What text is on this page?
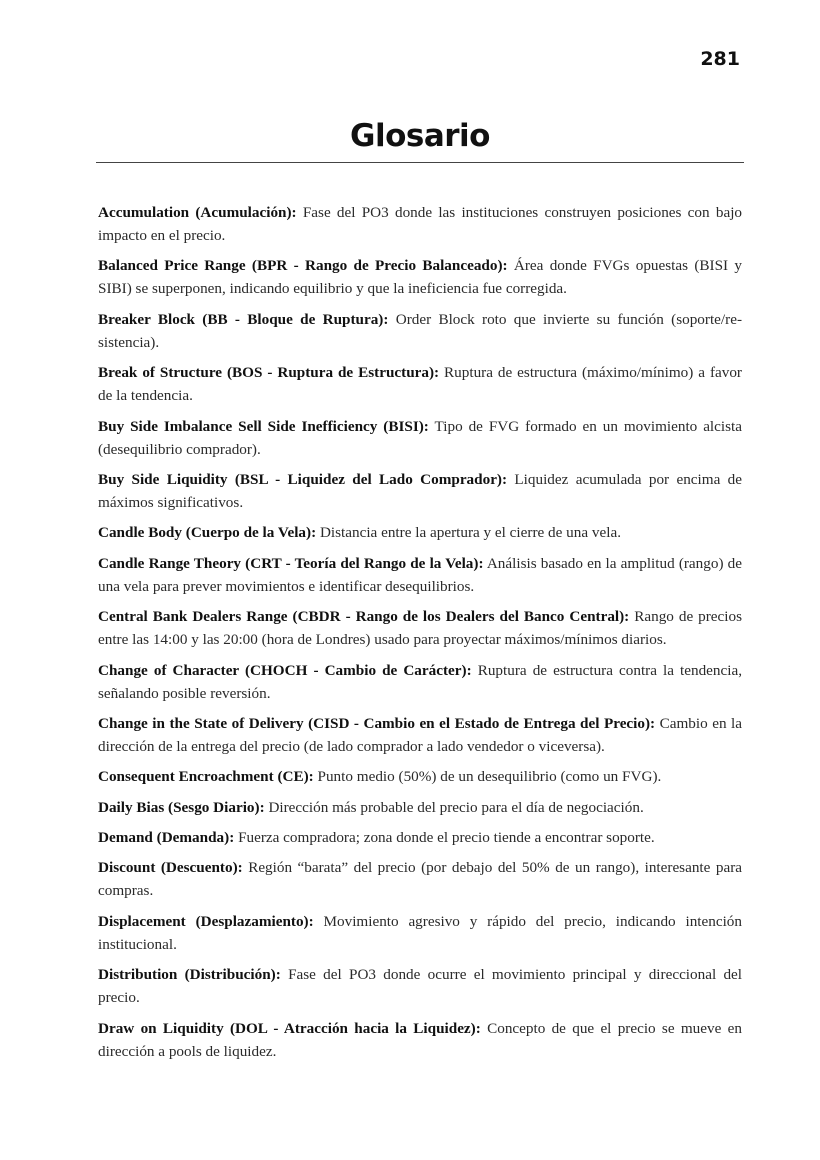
281
Glosario
Accumulation (Acumulación): Fase del PO3 donde las instituciones construyen posiciones con bajo impacto en el precio.
Balanced Price Range (BPR - Rango de Precio Balanceado): Área donde FVGs opuestas (BISI y SIBI) se superponen, indicando equilibrio y que la ineficiencia fue corregida.
Breaker Block (BB - Bloque de Ruptura): Order Block roto que invierte su función (soporte/resistencia).
Break of Structure (BOS - Ruptura de Estructura): Ruptura de estructura (máximo/mínimo) a favor de la tendencia.
Buy Side Imbalance Sell Side Inefficiency (BISI): Tipo de FVG formado en un movimiento alcista (desequilibrio comprador).
Buy Side Liquidity (BSL - Liquidez del Lado Comprador): Liquidez acumulada por encima de máximos significativos.
Candle Body (Cuerpo de la Vela): Distancia entre la apertura y el cierre de una vela.
Candle Range Theory (CRT - Teoría del Rango de la Vela): Análisis basado en la amplitud (rango) de una vela para prever movimientos e identificar desequilibrios.
Central Bank Dealers Range (CBDR - Rango de los Dealers del Banco Central): Rango de precios entre las 14:00 y las 20:00 (hora de Londres) usado para proyectar máximos/mínimos diarios.
Change of Character (CHOCH - Cambio de Carácter): Ruptura de estructura contra la tendencia, señalando posible reversión.
Change in the State of Delivery (CISD - Cambio en el Estado de Entrega del Precio): Cambio en la dirección de la entrega del precio (de lado comprador a lado vendedor o viceversa).
Consequent Encroachment (CE): Punto medio (50%) de un desequilibrio (como un FVG).
Daily Bias (Sesgo Diario): Dirección más probable del precio para el día de negociación.
Demand (Demanda): Fuerza compradora; zona donde el precio tiende a encontrar soporte.
Discount (Descuento): Región “barata” del precio (por debajo del 50% de un rango), interesante para compras.
Displacement (Desplazamiento): Movimiento agresivo y rápido del precio, indicando intención institucional.
Distribution (Distribución): Fase del PO3 donde ocurre el movimiento principal y direccional del precio.
Draw on Liquidity (DOL - Atracción hacia la Liquidez): Concepto de que el precio se mueve en dirección a pools de liquidez.
